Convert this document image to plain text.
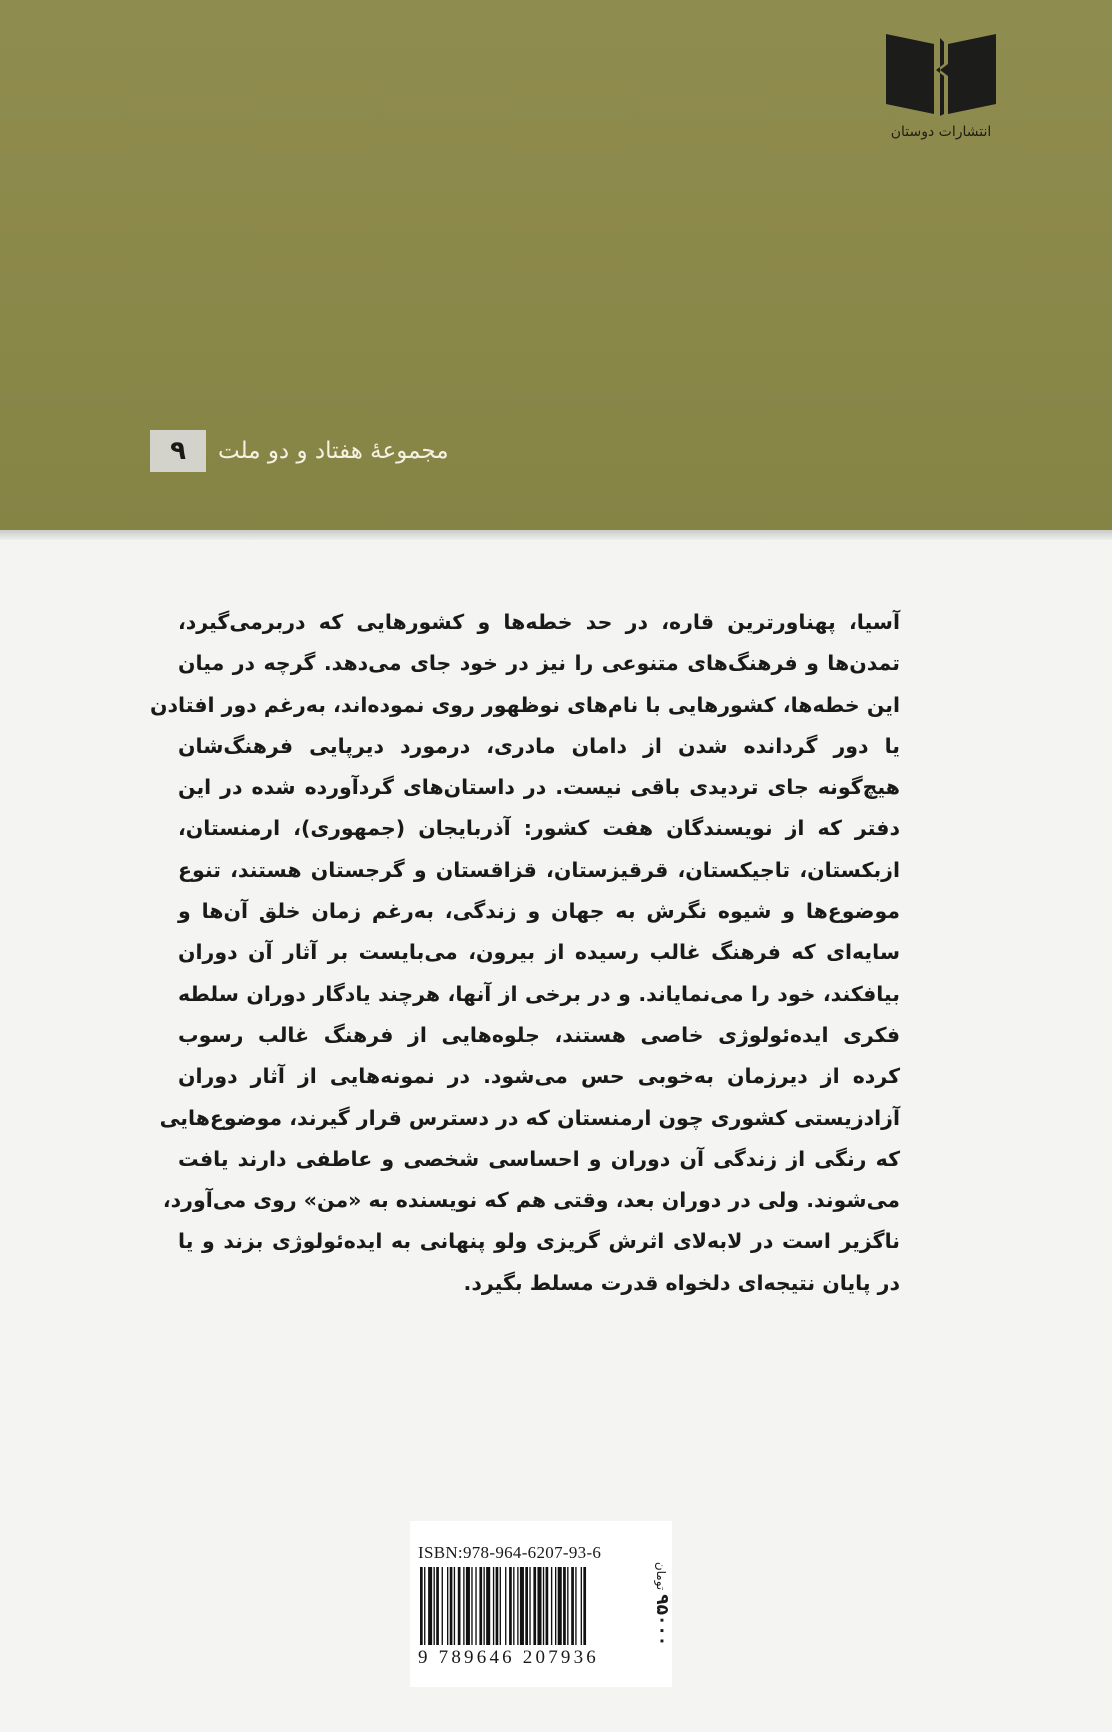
انتشارات دوستان
۹	مجموعهٔ هفتاد و دو ملت
آسیا، پهناورترین قاره، در حد خطه‌ها و کشورهایی که دربرمی‌گیرد،
تمدن‌ها و فرهنگ‌های متنوعی را نیز در خود جای می‌دهد. گرچه در میان
این خطه‌ها، کشورهایی با نام‌های نوظهور روی نموده‌اند، به‌رغم دور افتادن
یا دور گردانده شدن از دامان مادری، درمورد دیرپایی فرهنگ‌شان
هیچ‌گونه جای تردیدی باقی نیست. در داستان‌های گردآورده شده در این
دفتر که از نویسندگان هفت کشور: آذربایجان (جمهوری)، ارمنستان،
ازبکستان، تاجیکستان، قرقیزستان، قزاقستان و گرجستان هستند، تنوع
موضوع‌ها و شیوه نگرش به جهان و زندگی، به‌رغم زمان خلق آن‌ها و
سایه‌ای که فرهنگ غالب رسیده از بیرون، می‌بایست بر آثار آن دوران
بیافکند، خود را می‌نمایاند. و در برخی از آنها، هرچند یادگار دوران سلطه
فکری ایده‌ئولوژی خاصی هستند، جلوه‌هایی از فرهنگ غالب رسوب
کرده از دیرزمان به‌خوبی حس می‌شود. در نمونه‌هایی از آثار دوران
آزادزیستی کشوری چون ارمنستان که در دسترس قرار گیرند، موضوع‌هایی
که رنگی از زندگی آن دوران و احساسی شخصی و عاطفی دارند یافت
می‌شوند. ولی در دوران بعد، وقتی هم که نویسنده به «من» روی می‌آورد،
ناگزیر است در لابه‌لای اثرش گریزی ولو پنهانی به ایده‌ئولوژی بزند و یا
در پایان نتیجه‌ای دلخواه قدرت مسلط بگیرد.
ISBN:978-964-6207-93-6
9 789646 207936
۹۵۰۰۰تومان
